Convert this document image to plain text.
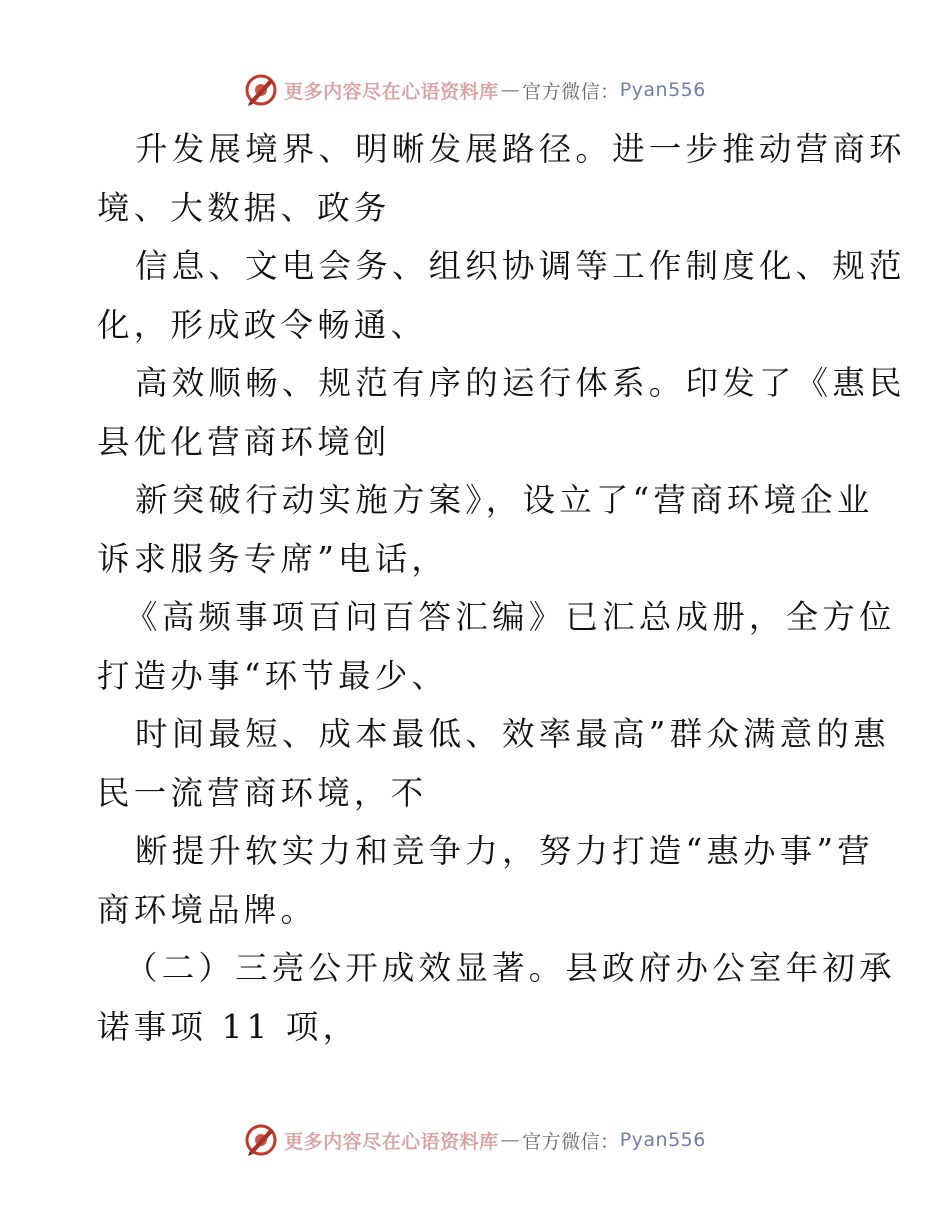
更多内容尽在心语资料库 — 官方微信： Pyan556
升发展境界、明晰发展路径。进一步推动营商环
境、大数据、政务
信息、文电会务、组织协调等工作制度化、规范
化，形成政令畅通、
高效顺畅、规范有序的运行体系。印发了《惠民
县优化营商环境创
新突破行动实施方案》，设立了“营商环境企业
诉求服务专席”电话，
《高频事项百问百答汇编》已汇总成册，全方位
打造办事“环节最少、
时间最短、成本最低、效率最高”群众满意的惠
民一流营商环境，不
断提升软实力和竞争力，努力打造“惠办事”营
商环境品牌。
（二）三亮公开成效显著。县政府办公室年初承
诺事项 11 项，
更多内容尽在心语资料库 — 官方微信： Pyan556
